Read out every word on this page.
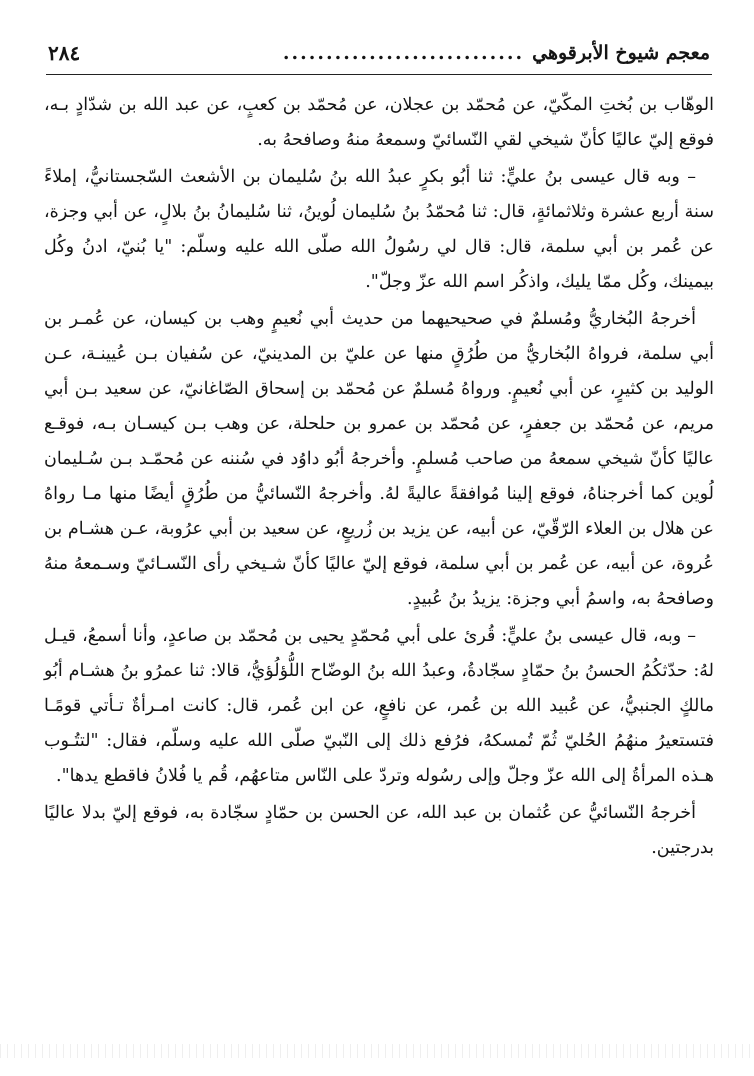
معجم شيوخ الأبرقوهي
............................
٢٨٤

الوهّاب بن بُختِ المكّيّ، عن مُحمّد بن عجلان، عن مُحمّد بن كعبٍ، عن عبد الله بن شدّادٍ بـه، فوقع إليّ عاليًا كأنّ شيخي لقي النّسائيّ وسمعهُ منهُ وصافحهُ به.

– وبه قال عيسى بنُ عليٍّ: ثنا أبُو بكرٍ عبدُ الله بنُ سُليمان بن الأشعث السّجستانيُّ، إملاءً سنة أربع عشرة وثلاثمائةٍ، قال: ثنا مُحمّدُ بنُ سُليمان لُوينُ، ثنا سُليمانُ بنُ بلالٍ، عن أبي وجزة، عن عُمر بن أبي سلمة، قال: قال لي رسُولُ الله صلّى الله عليه وسلّم: "يا بُنيّ، ادنُ وكُل بيمينك، وكُل ممّا يليك، واذكُر اسم الله عزّ وجلّ".

أخرجهُ البُخاريُّ ومُسلمٌ في صحيحيهما من حديث أبي نُعيمٍ وهب بن كيسان، عن عُمـر بن أبي سلمة، فرواهُ البُخاريُّ من طُرُقٍ منها عن عليّ بن المدينيّ، عن سُفيان بـن عُيينـة، عـن الوليد بن كثيرٍ، عن أبي نُعيمٍ. ورواهُ مُسلمٌ عن مُحمّد بن إسحاق الصّاغانيّ، عن سعيد بـن أبي مريم، عن مُحمّد بن جعفرٍ، عن مُحمّد بن عمرو بن حلحلة، عن وهب بـن كيسـان بـه، فوقـع عاليًا كأنّ شيخي سمعهُ من صاحب مُسلمٍ. وأخرجهُ أبُو داوُد في سُننه عن مُحمّـد بـن سُـليمان لُوين كما أخرجناهُ، فوقع إلينا مُوافقةً عاليةً لهُ. وأخرجهُ النّسائيُّ من طُرُقٍ أيضًا منها مـا رواهُ عن هلال بن العلاء الرّقّيّ، عن أبيه، عن يزيد بن زُريعٍ، عن سعيد بن أبي عرُوبة، عـن هشـام بن عُروة، عن أبيه، عن عُمر بن أبي سلمة، فوقع إليّ عاليًا كأنّ شـيخي رأى النّسـائيّ وسـمعهُ منهُ وصافحهُ به، واسمُ أبي وجزة: يزيدُ بنُ عُبيدٍ.

– وبه، قال عيسى بنُ عليٍّ: قُرئ على أبي مُحمّدٍ يحيى بن مُحمّد بن صاعدٍ، وأنا أسمعُ، قيـل لهُ: حدّثكُمُ الحسنُ بنُ حمّادٍ سجّادةُ، وعبدُ الله بنُ الوضّاح اللُّؤلُؤيُّ، قالا: ثنا عمرُو بنُ هشـام أبُو مالكٍ الجنبيُّ، عن عُبيد الله بن عُمر، عن نافعٍ، عن ابن عُمر، قال: كانت امـرأةٌ تـأتي قومًـا فتستعيرُ منهُمُ الحُليّ ثُمّ تُمسكهُ، فرُفع ذلك إلى النّبيّ صلّى الله عليه وسلّم، فقال: "لتتُـوب هـذه المرأةُ إلى الله عزّ وجلّ وإلى رسُوله وتردّ على النّاس متاعهُم، قُم يا فُلانُ فاقطع يدها".

أخرجهُ النّسائيُّ عن عُثمان بن عبد الله، عن الحسن بن حمّادٍ سجّادة به، فوقع إليّ بدلا عاليًا بدرجتين.
